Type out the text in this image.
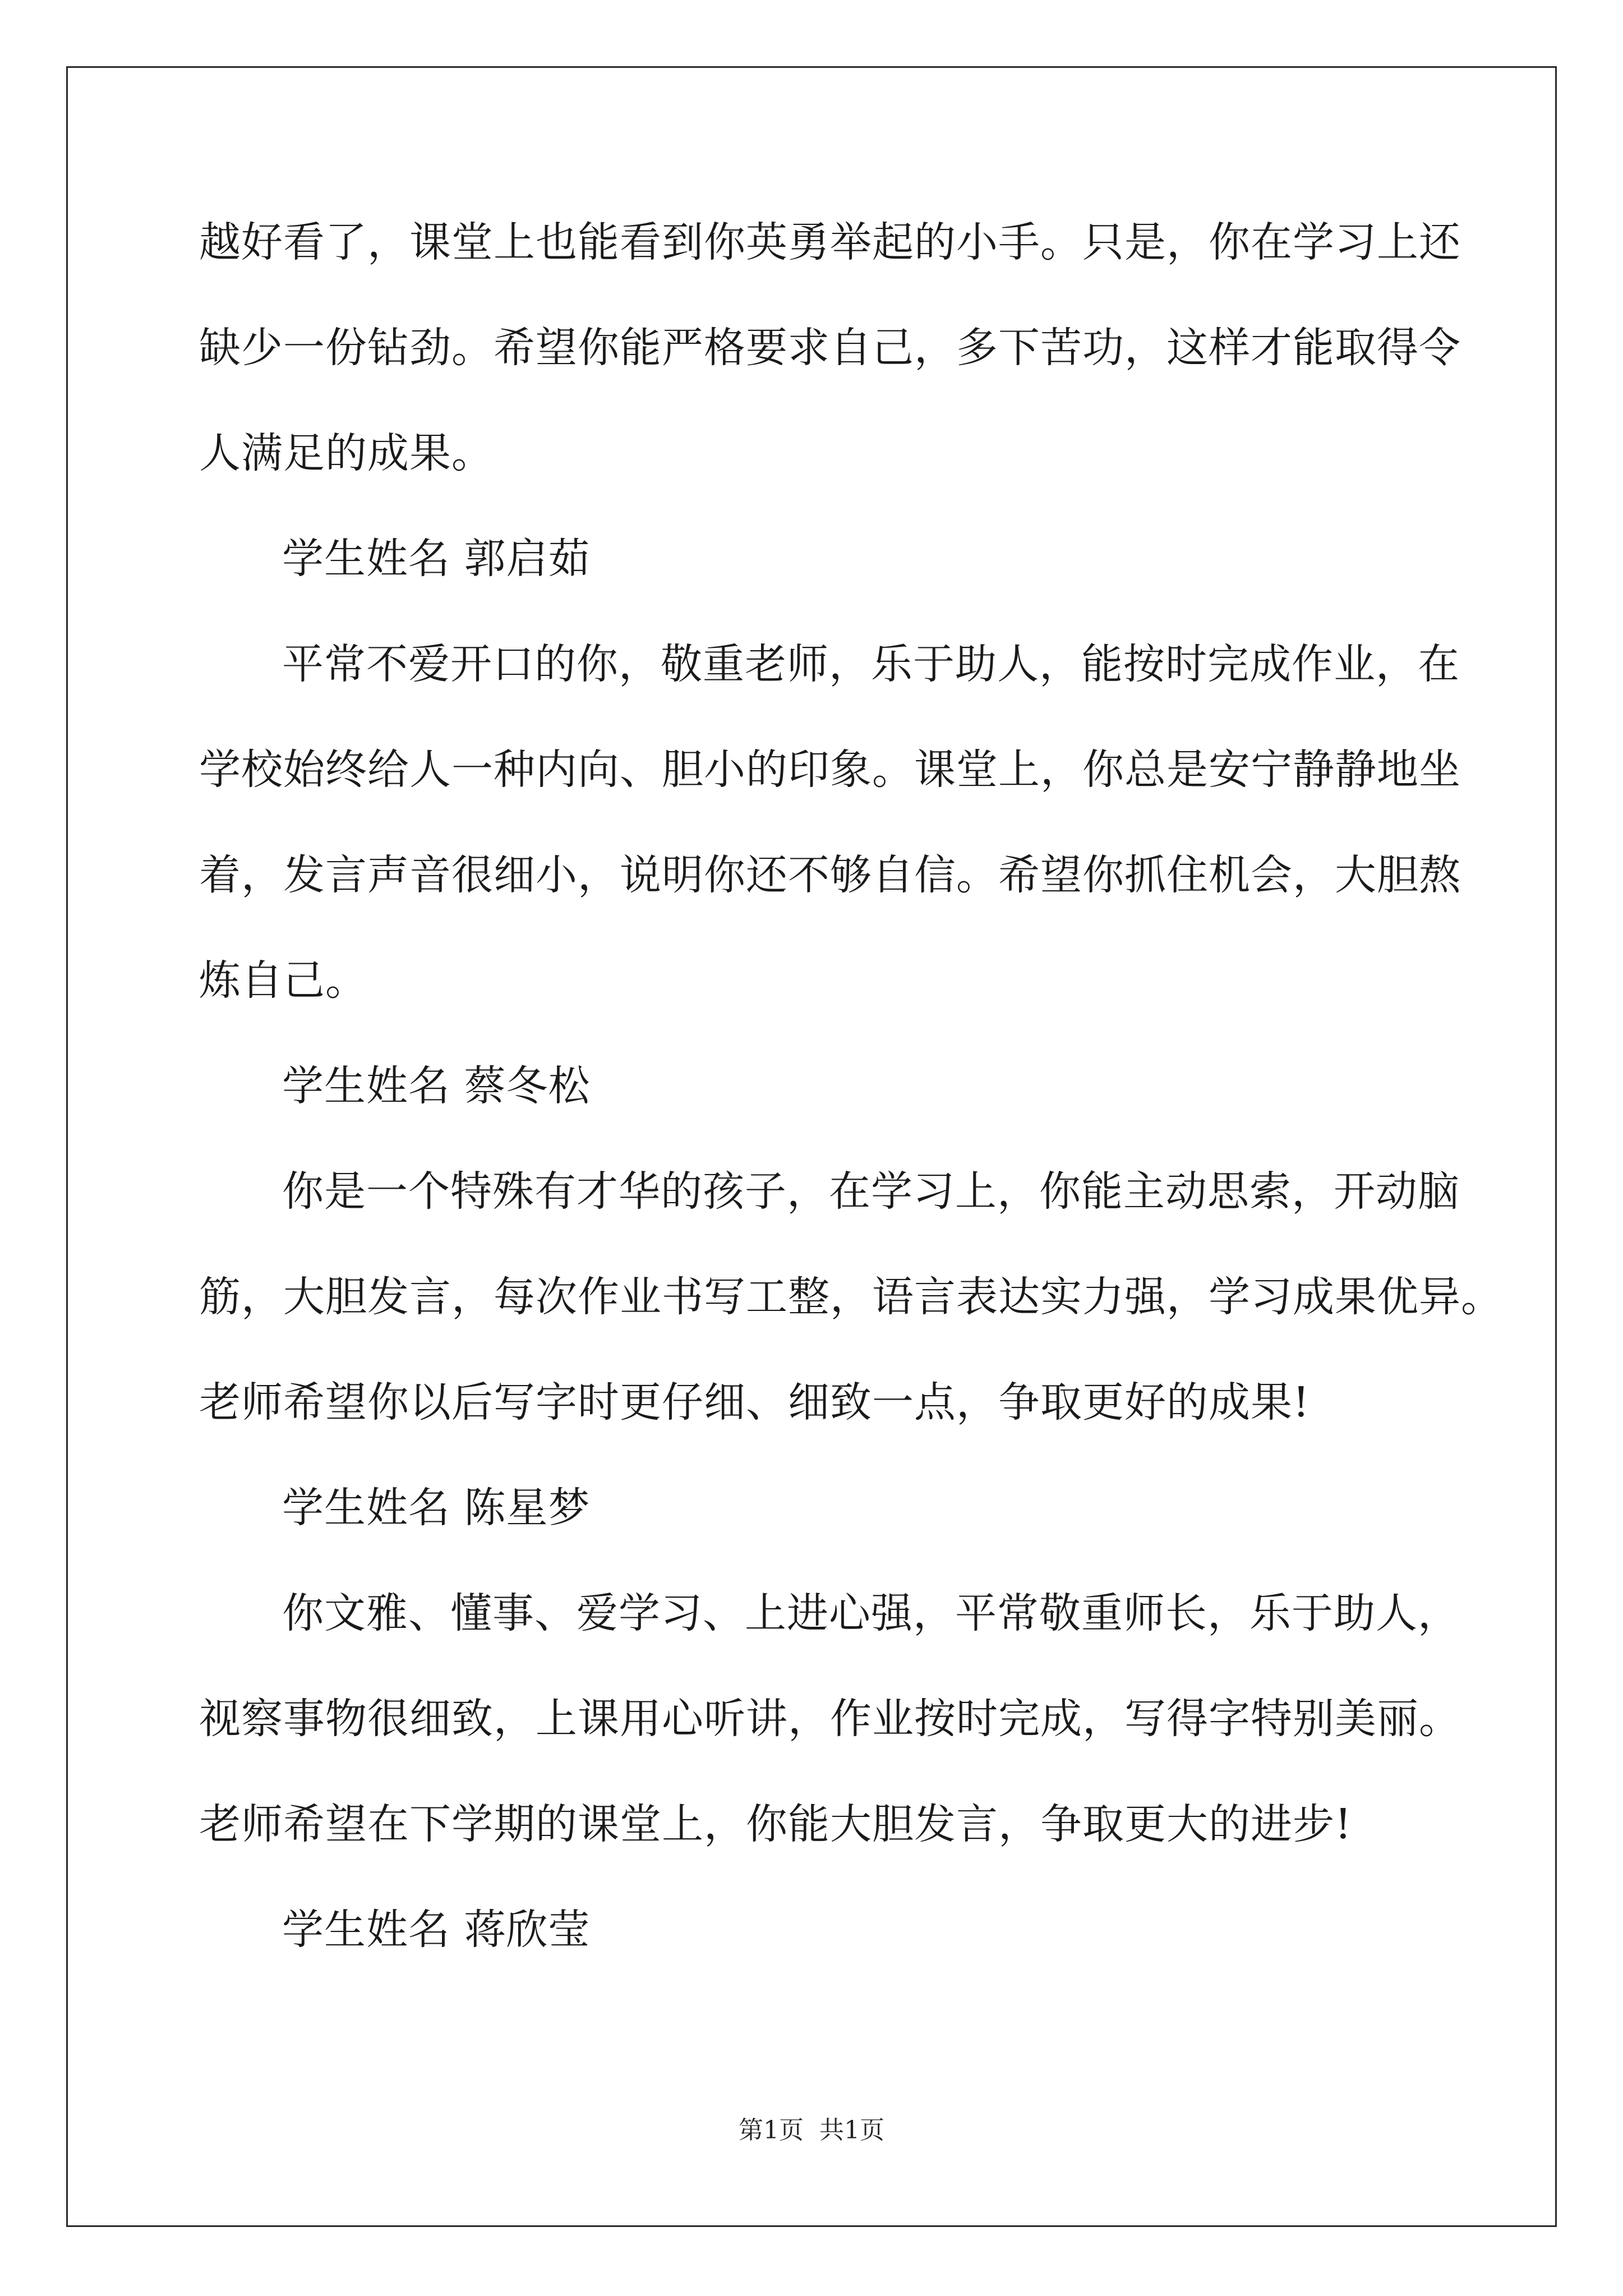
越好看了，课堂上也能看到你英勇举起的小手。只是，你在学习上还
缺少一份钻劲。希望你能严格要求自己，多下苦功，这样才能取得令
人满足的成果。
学生姓名 郭启茹
平常不爱开口的你，敬重老师，乐于助人，能按时完成作业，在
学校始终给人一种内向、胆小的印象。课堂上，你总是安宁静静地坐
着，发言声音很细小，说明你还不够自信。希望你抓住机会，大胆熬
炼自己。
学生姓名 蔡冬松
你是一个特殊有才华的孩子，在学习上，你能主动思索，开动脑
筋，大胆发言，每次作业书写工整，语言表达实力强，学习成果优异。
老师希望你以后写字时更仔细、细致一点，争取更好的成果!
学生姓名 陈星梦
你文雅、懂事、爱学习、上进心强，平常敬重师长，乐于助人，
视察事物很细致，上课用心听讲，作业按时完成，写得字特别美丽。
老师希望在下学期的课堂上，你能大胆发言，争取更大的进步!
学生姓名 蒋欣莹
第1页 共1页
